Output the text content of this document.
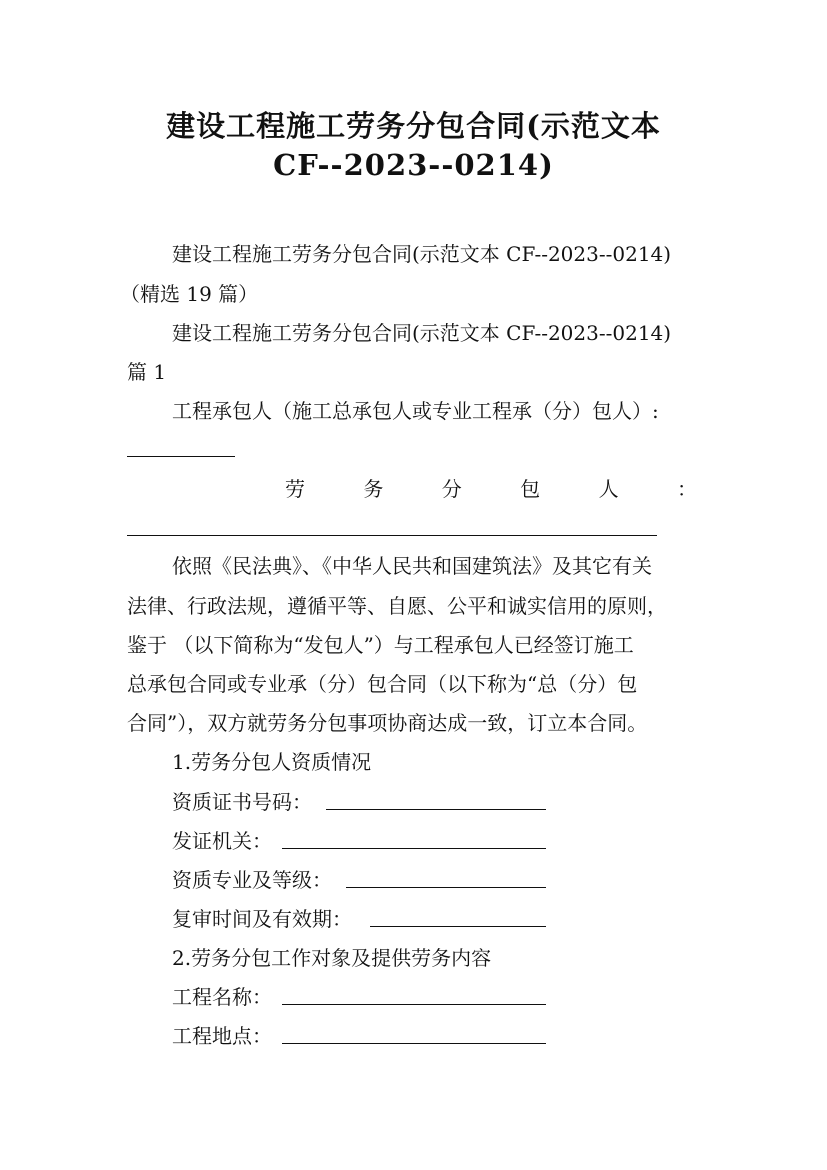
建设工程施工劳务分包合同(示范文本
CF--2023--0214)
建设工程施工劳务分包合同(示范文本 CF--2023--0214)
（精选 19 篇）
建设工程施工劳务分包合同(示范文本 CF--2023--0214)
篇 1
工程承包人（施工总承包人或专业工程承（分）包人）:
劳	务	分	包	人	：
依照《民法典》、《中华人民共和国建筑法》及其它有关
法律、行政法规，遵循平等、自愿、公平和诚实信用的原则，
鉴于 （以下简称为“发包人”）与工程承包人已经签订施工
总承包合同或专业承（分）包合同（以下称为“总（分）包
合同”），双方就劳务分包事项协商达成一致，订立本合同。
1.劳务分包人资质情况
资质证书号码：
发证机关：
资质专业及等级：
复审时间及有效期：
2.劳务分包工作对象及提供劳务内容
工程名称：
工程地点：
